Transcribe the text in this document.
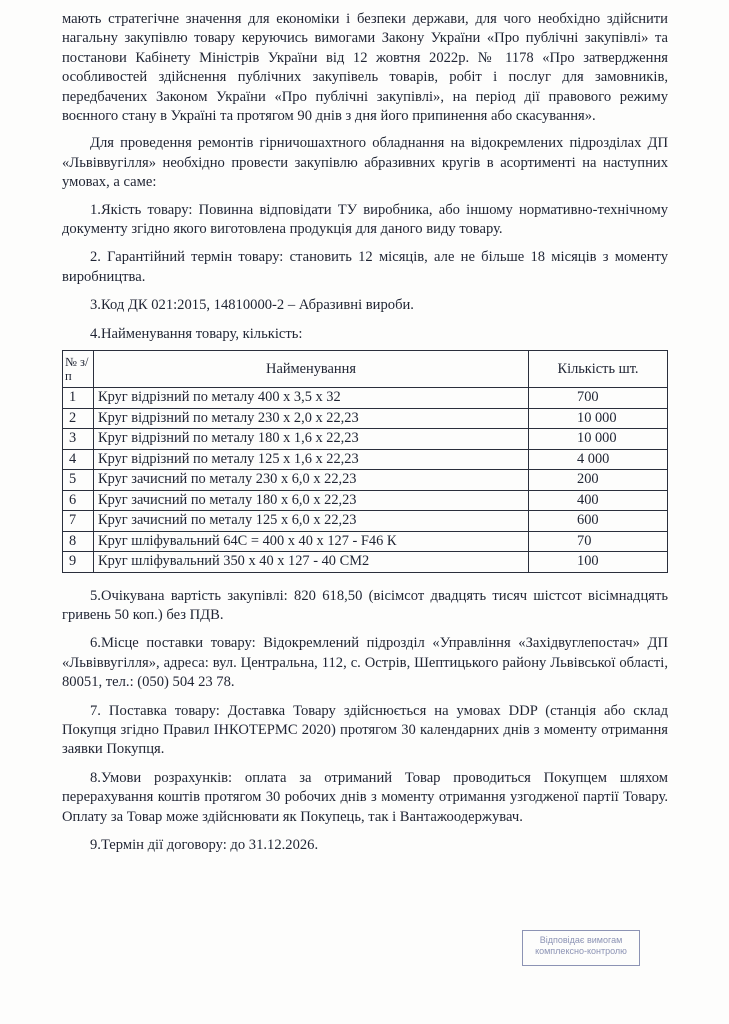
мають стратегічне значення для економіки і безпеки держави, для чого необхідно здійснити нагальну закупівлю товару керуючись вимогами Закону України «Про публічні закупівлі» та постанови Кабінету Міністрів України від 12 жовтня 2022р. № 1178 «Про затвердження особливостей здійснення публічних закупівель товарів, робіт і послуг для замовників, передбачених Законом України «Про публічні закупівлі», на період дії правового режиму воєнного стану в Україні та протягом 90 днів з дня його припинення або скасування».

Для проведення ремонтів гірничошахтного обладнання на відокремлених підрозділах ДП «Львіввугілля» необхідно провести закупівлю абразивних кругів в асортименті на наступних умовах, а саме:

1.Якість товару: Повинна відповідати ТУ виробника, або іншому нормативно-технічному документу згідно якого виготовлена продукція для даного виду товару.

2. Гарантійний термін товару: становить 12 місяців, але не більше 18 місяців з моменту виробництва.

3.Код ДК 021:2015, 14810000-2 – Абразивні вироби.

4.Найменування товару, кількість:

№ з/п	Найменування	Кількість шт.
1	Круг відрізний по металу 400 х 3,5 х 32	700
2	Круг відрізний по металу 230 х 2,0 х 22,23	10 000
3	Круг відрізний по металу 180 х 1,6 х 22,23	10 000
4	Круг відрізний по металу 125 х 1,6 х 22,23	4 000
5	Круг зачисний по металу 230 х 6,0 х 22,23	200
6	Круг зачисний по металу 180 х 6,0 х 22,23	400
7	Круг зачисний по металу 125 х 6,0 х 22,23	600
8	Круг шліфувальний 64С = 400 х 40 х 127 - F46 К	70
9	Круг шліфувальний 350 х 40 х 127 - 40 СМ2	100

5.Очікувана вартість закупівлі: 820 618,50 (вісімсот двадцять тисяч шістсот вісімнадцять гривень 50 коп.) без ПДВ.

6.Місце поставки товару: Відокремлений підрозділ «Управління «Західвуглепостач» ДП «Львіввугілля», адреса: вул. Центральна, 112, с. Острів, Шептицького району Львівської області, 80051, тел.: (050) 504 23 78.

7. Поставка товару: Доставка Товару здійснюється на умовах DDP (станція або склад Покупця згідно Правил ІНКОТЕРМС 2020) протягом 30 календарних днів з моменту отримання заявки Покупця.

8.Умови розрахунків: оплата за отриманий Товар проводиться Покупцем шляхом перерахування коштів протягом 30 робочих днів з моменту отримання узгодженої партії Товару. Оплату за Товар може здійснювати як Покупець, так і Вантажоодержувач.

9.Термін дії договору: до 31.12.2026.

Відповідає вимогам
комплексно-контролю
